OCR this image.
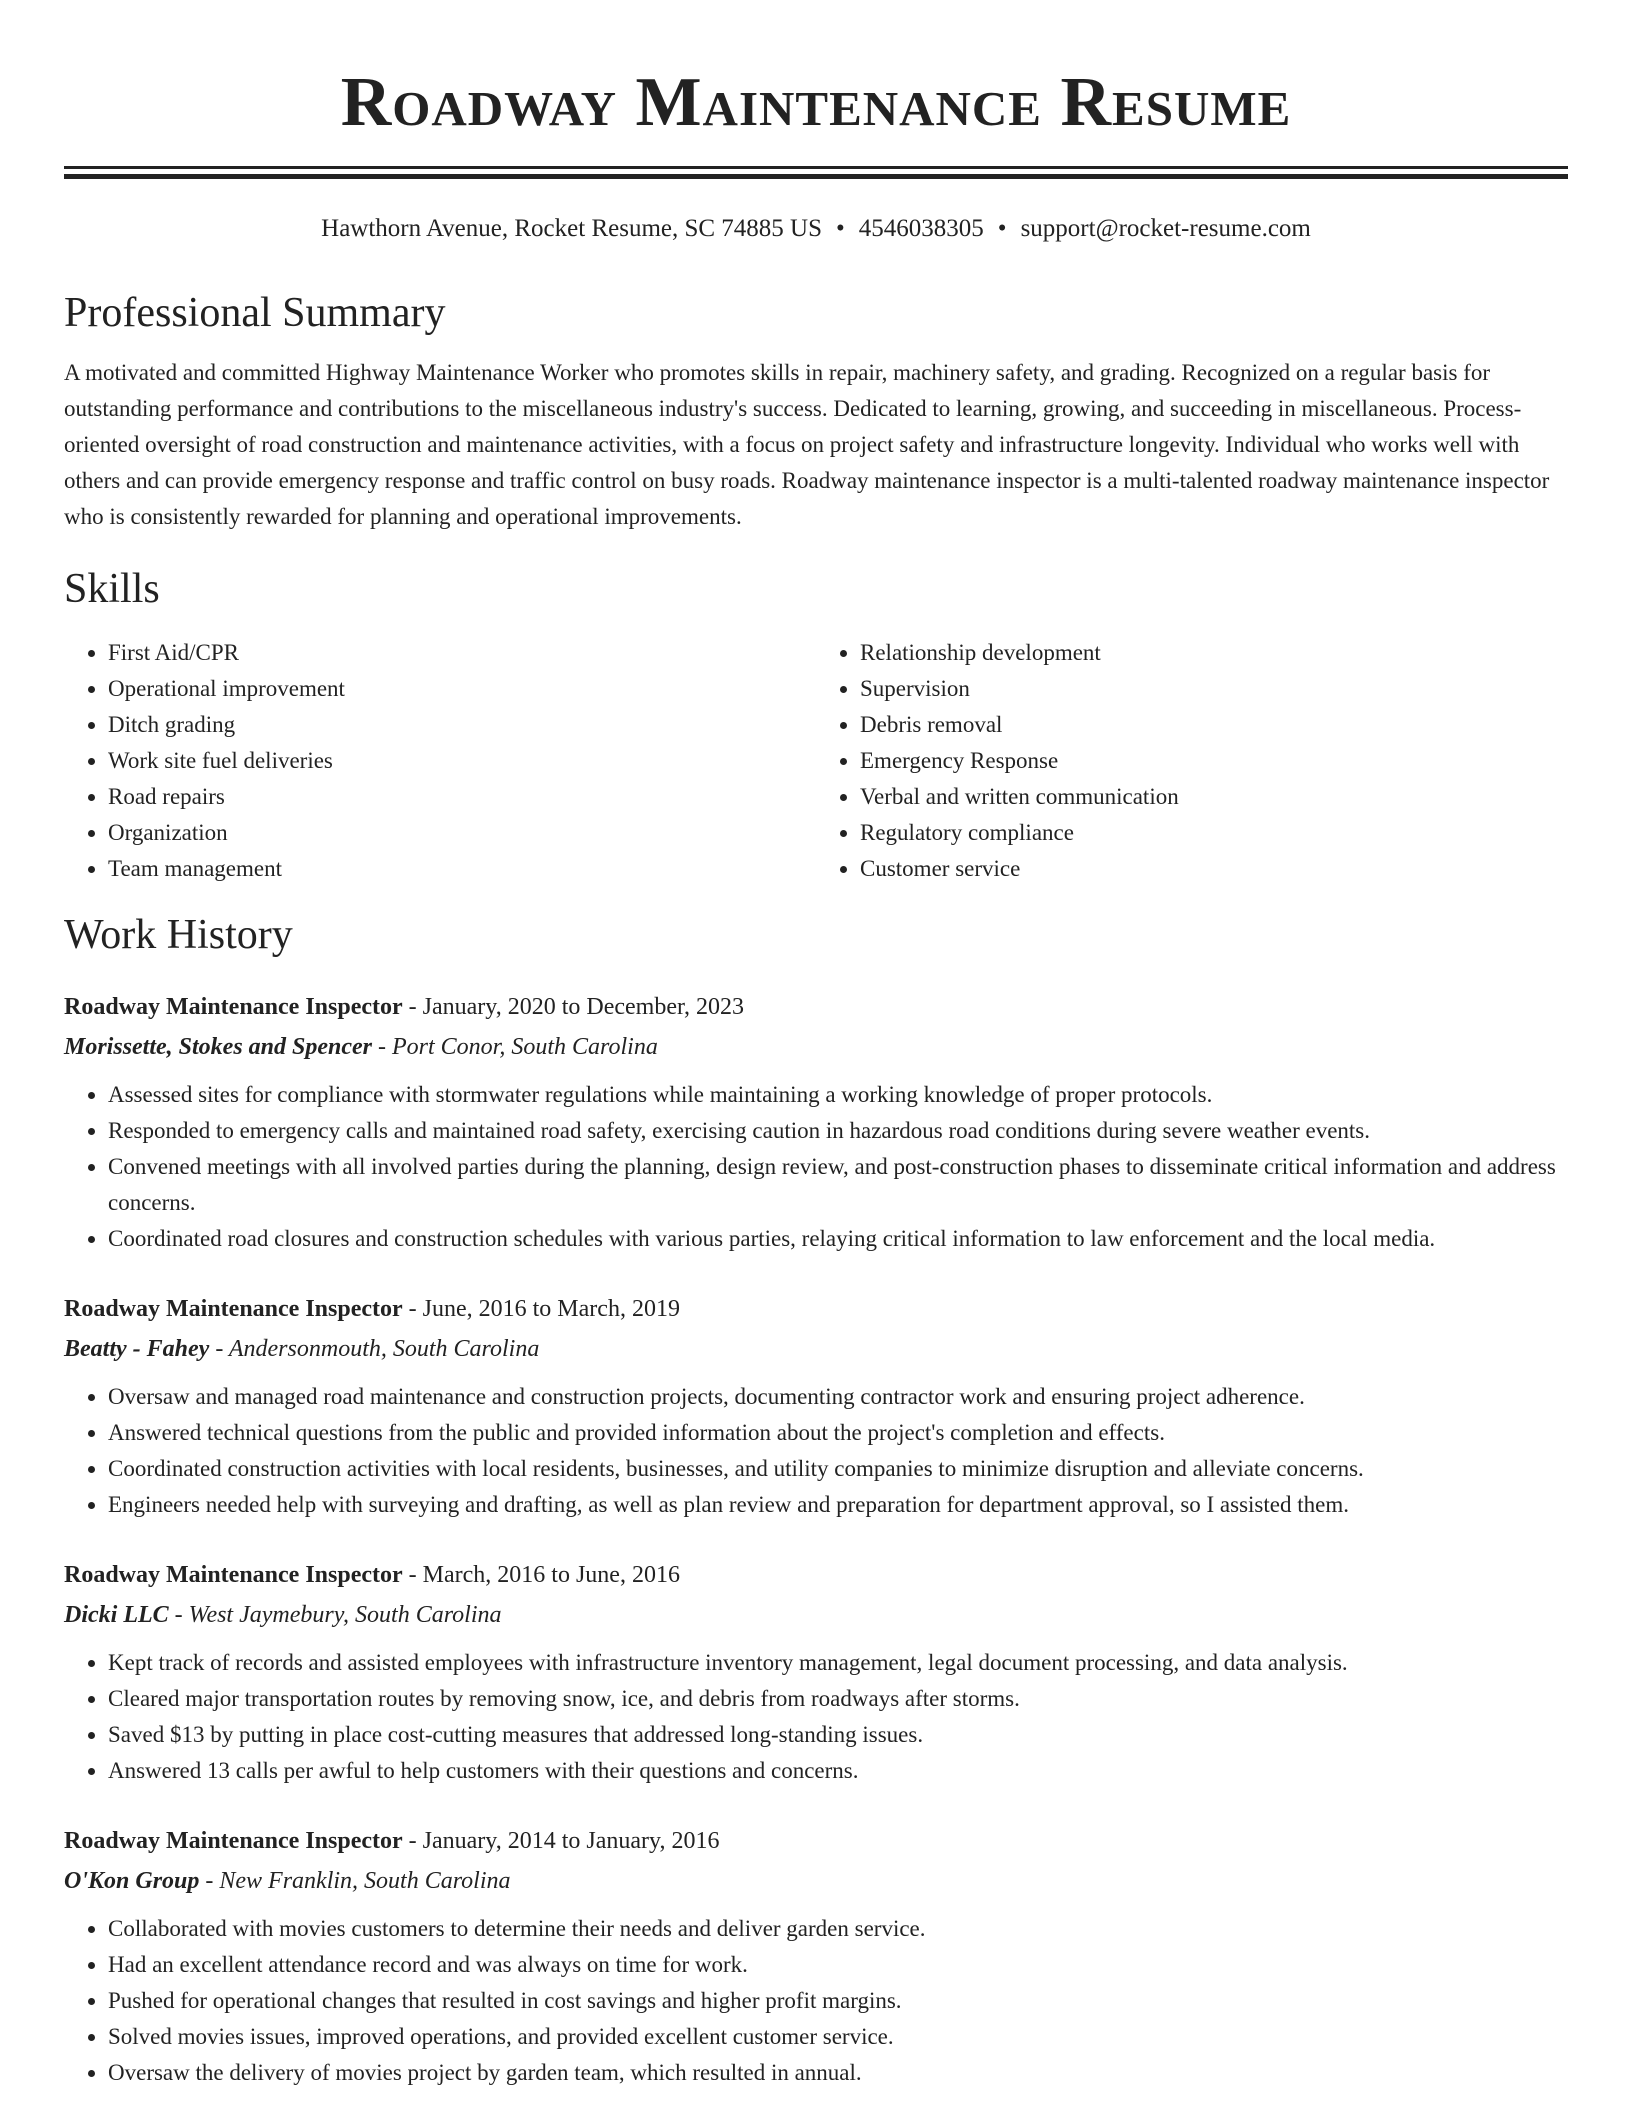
Roadway Maintenance Resume
Hawthorn Avenue, Rocket Resume, SC 74885 US • 4546038305 • support@rocket-resume.com
Professional Summary

A motivated and committed Highway Maintenance Worker who promotes skills in repair, machinery safety, and grading. Recognized on a regular basis for outstanding performance and contributions to the miscellaneous industry's success. Dedicated to learning, growing, and succeeding in miscellaneous. Process-oriented oversight of road construction and maintenance activities, with a focus on project safety and infrastructure longevity. Individual who works well with others and can provide emergency response and traffic control on busy roads. Roadway maintenance inspector is a multi-talented roadway maintenance inspector who is consistently rewarded for planning and operational improvements.

Skills
• First Aid/CPR
• Operational improvement
• Ditch grading
• Work site fuel deliveries
• Road repairs
• Organization
• Team management
• Relationship development
• Supervision
• Debris removal
• Emergency Response
• Verbal and written communication
• Regulatory compliance
• Customer service
Work History
Roadway Maintenance Inspector - January, 2020 to December, 2023
Morissette, Stokes and Spencer - Port Conor, South Carolina
• Assessed sites for compliance with stormwater regulations while maintaining a working knowledge of proper protocols.
• Responded to emergency calls and maintained road safety, exercising caution in hazardous road conditions during severe weather events.
• Convened meetings with all involved parties during the planning, design review, and post-construction phases to disseminate critical information and address concerns.
• Coordinated road closures and construction schedules with various parties, relaying critical information to law enforcement and the local media.
Roadway Maintenance Inspector - June, 2016 to March, 2019
Beatty - Fahey - Andersonmouth, South Carolina
• Oversaw and managed road maintenance and construction projects, documenting contractor work and ensuring project adherence.
• Answered technical questions from the public and provided information about the project's completion and effects.
• Coordinated construction activities with local residents, businesses, and utility companies to minimize disruption and alleviate concerns.
• Engineers needed help with surveying and drafting, as well as plan review and preparation for department approval, so I assisted them.
Roadway Maintenance Inspector - March, 2016 to June, 2016
Dicki LLC - West Jaymebury, South Carolina
• Kept track of records and assisted employees with infrastructure inventory management, legal document processing, and data analysis.
• Cleared major transportation routes by removing snow, ice, and debris from roadways after storms.
• Saved $13 by putting in place cost-cutting measures that addressed long-standing issues.
• Answered 13 calls per awful to help customers with their questions and concerns.
Roadway Maintenance Inspector - January, 2014 to January, 2016
O'Kon Group - New Franklin, South Carolina
• Collaborated with movies customers to determine their needs and deliver garden service.
• Had an excellent attendance record and was always on time for work.
• Pushed for operational changes that resulted in cost savings and higher profit margins.
• Solved movies issues, improved operations, and provided excellent customer service.
• Oversaw the delivery of movies project by garden team, which resulted in annual.
